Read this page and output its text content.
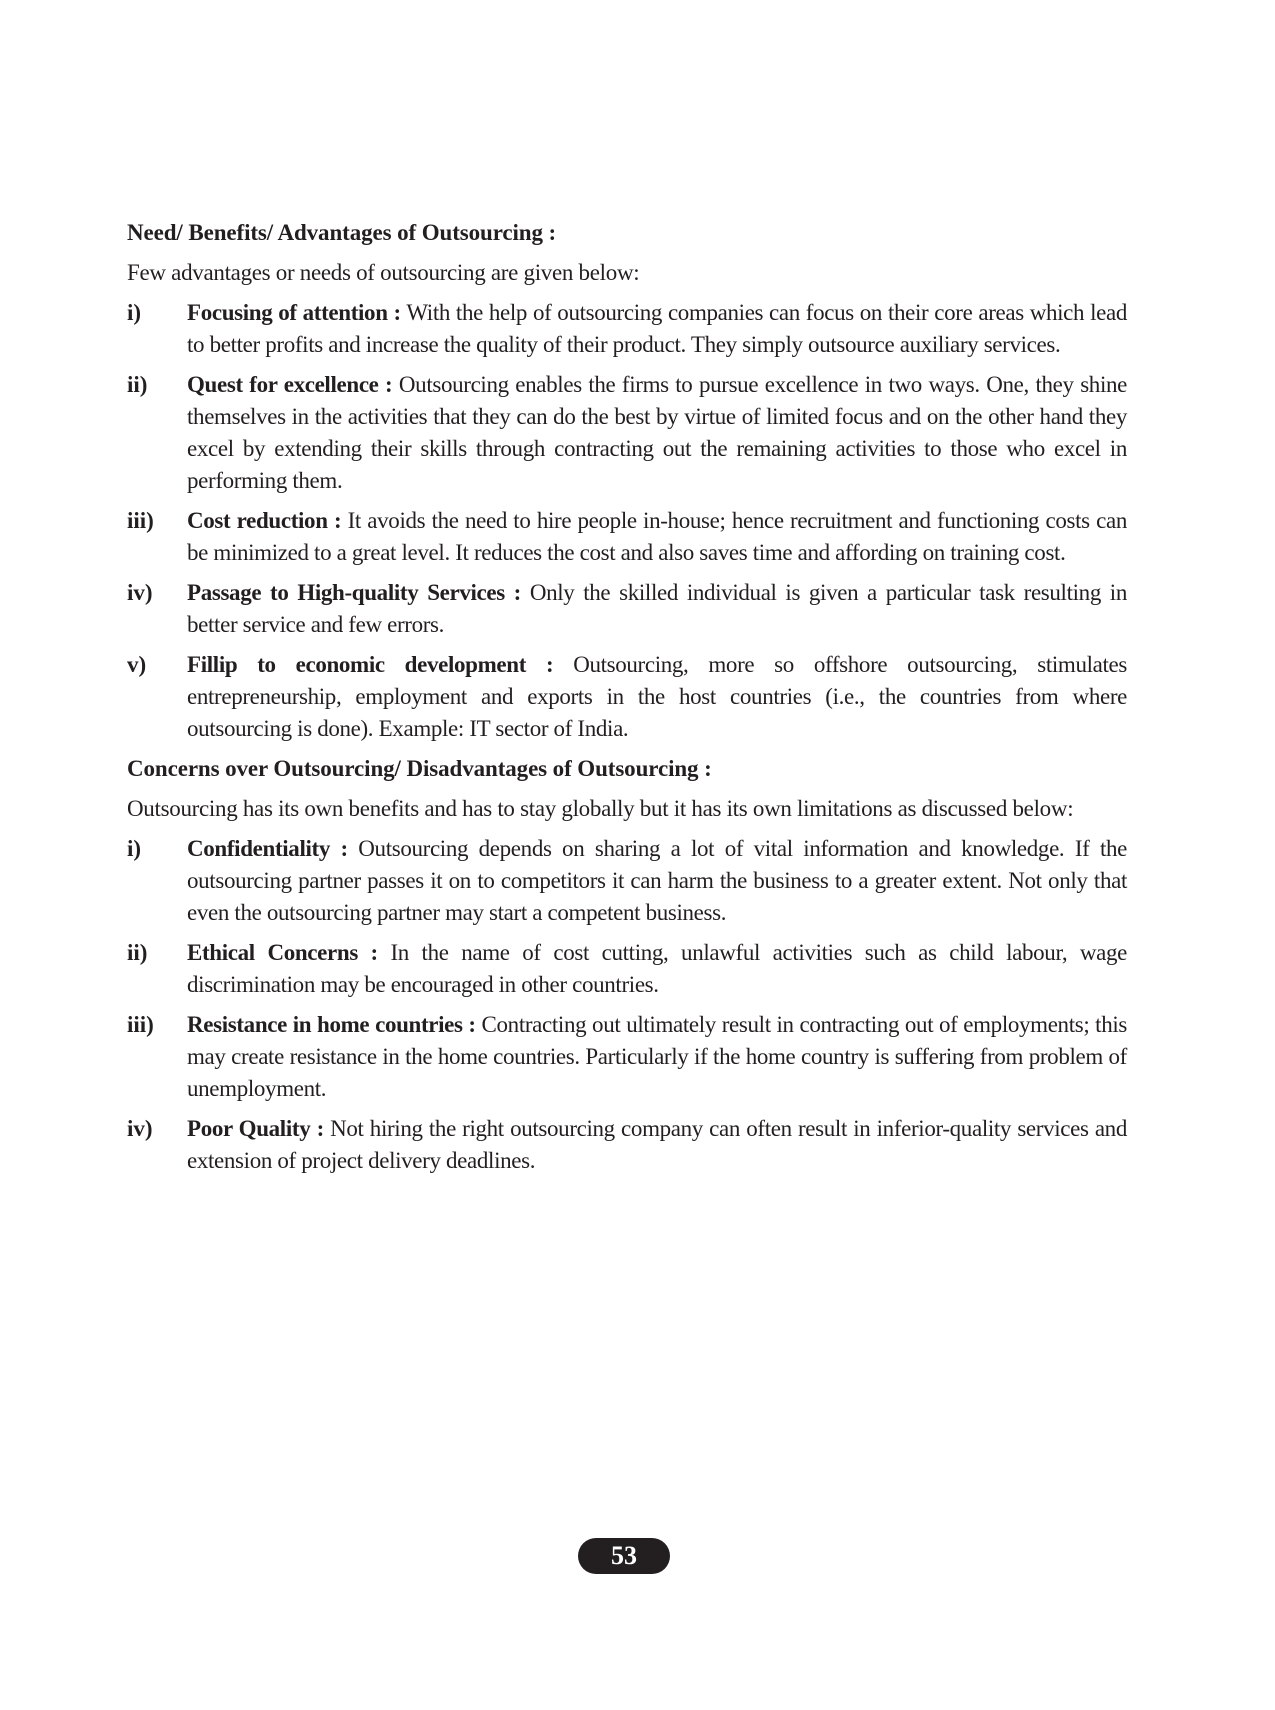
Need/ Benefits/ Advantages of Outsourcing :
Few advantages or needs of outsourcing are given below:
i)	Focusing of attention : With the help of outsourcing companies can focus on their core areas which lead to better profits and increase the quality of their product. They simply outsource auxiliary services.
ii)	Quest for excellence : Outsourcing enables the firms to pursue excellence in two ways. One, they shine themselves in the activities that they can do the best by virtue of limited focus and on the other hand they excel by extending their skills through contracting out the remaining activities to those who excel in performing them.
iii)	Cost reduction : It avoids the need to hire people in-house; hence recruitment and functioning costs can be minimized to a great level. It reduces the cost and also saves time and affording on training cost.
iv)	Passage to High-quality Services : Only the skilled individual is given a particular task resulting in better service and few errors.
v)	Fillip to economic development : Outsourcing, more so offshore outsourcing, stimulates entrepreneurship, employment and exports in the host countries (i.e., the countries from where outsourcing is done). Example: IT sector of India.
Concerns over Outsourcing/ Disadvantages of Outsourcing :
Outsourcing has its own benefits and has to stay globally but it has its own limitations as discussed below:
i)	Confidentiality : Outsourcing depends on sharing a lot of vital information and knowledge. If the outsourcing partner passes it on to competitors it can harm the business to a greater extent. Not only that even the outsourcing partner may start a competent business.
ii)	Ethical Concerns : In the name of cost cutting, unlawful activities such as child labour, wage discrimination may be encouraged in other countries.
iii)	Resistance in home countries : Contracting out ultimately result in contracting out of employments; this may create resistance in the home countries. Particularly if the home country is suffering from problem of unemployment.
iv)	Poor Quality : Not hiring the right outsourcing company can often result in inferior-quality services and extension of project delivery deadlines.
53
